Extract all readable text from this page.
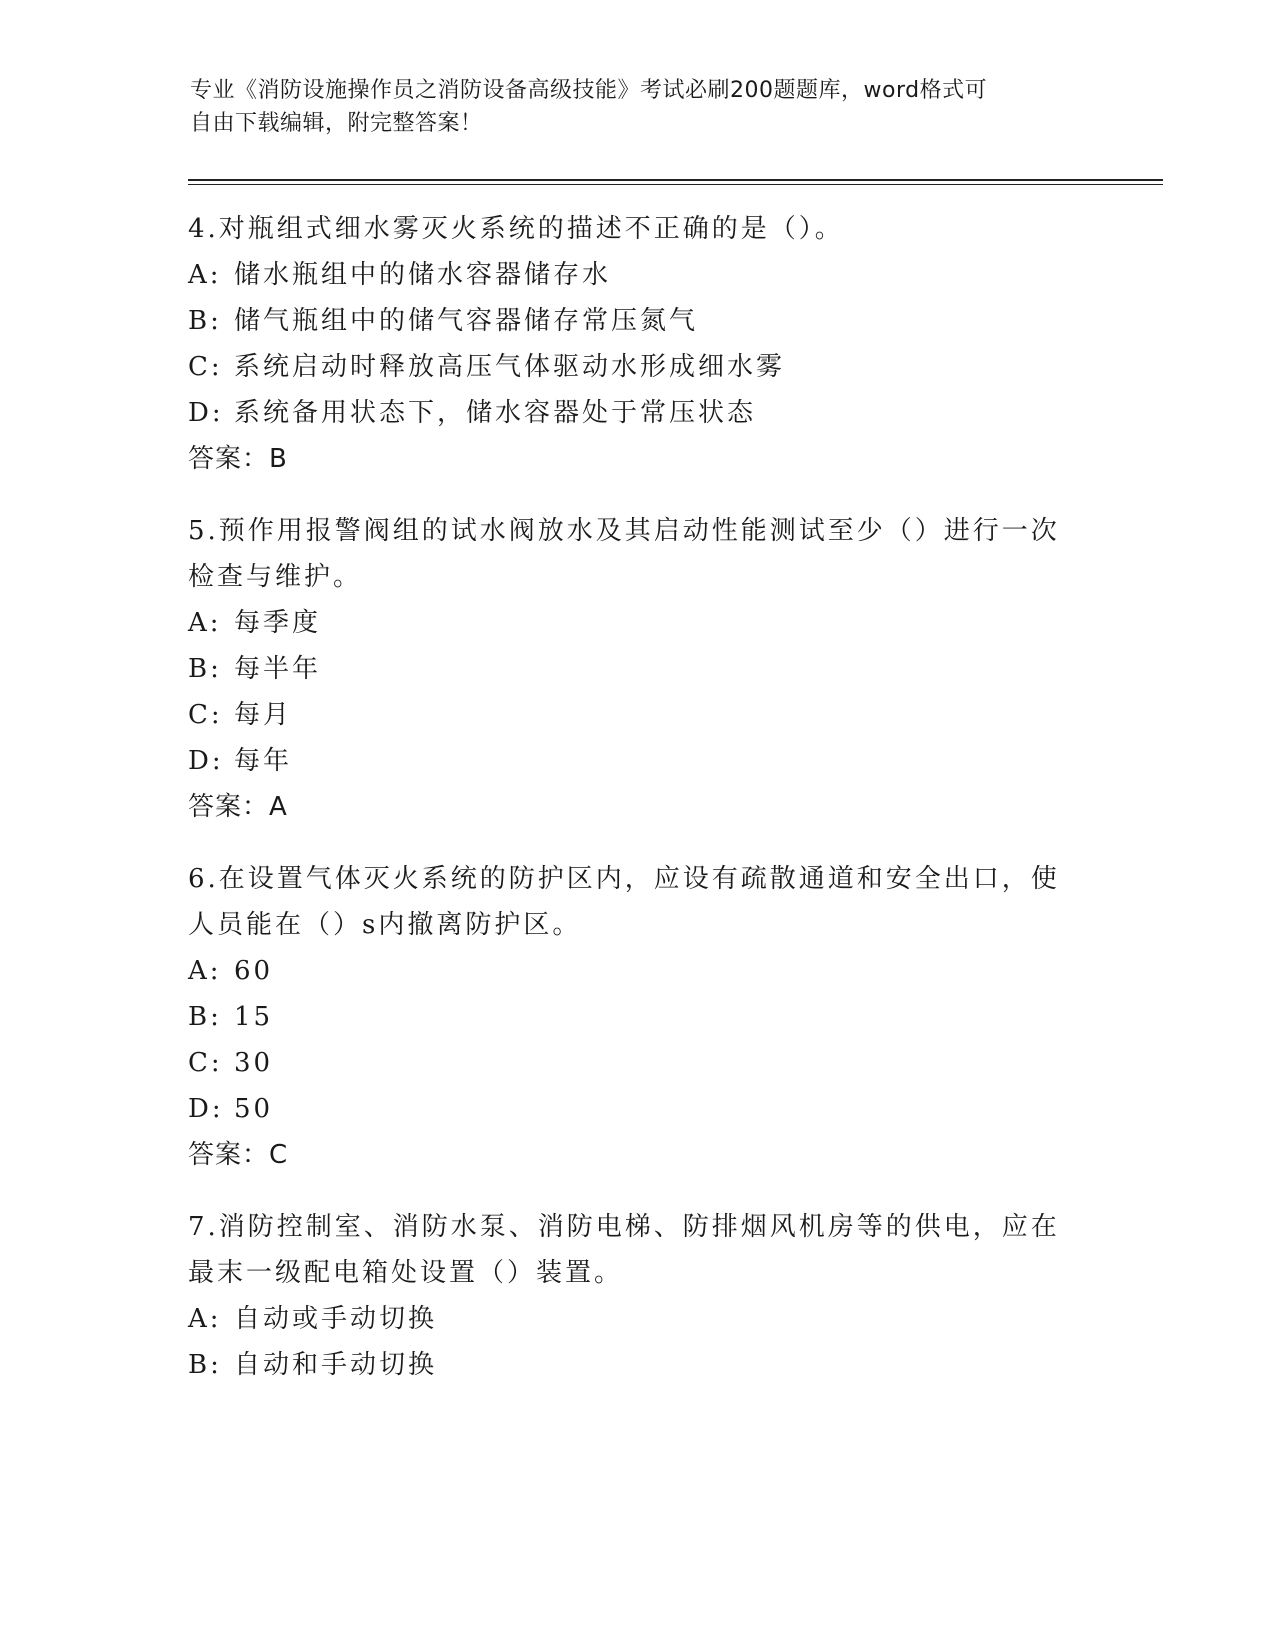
专业《消防设施操作员之消防设备高级技能》考试必刷200题题库，word格式可
自由下载编辑，附完整答案！
4.对瓶组式细水雾灭火系统的描述不正确的是（）。
A: 储水瓶组中的储水容器储存水
B: 储气瓶组中的储气容器储存常压氮气
C: 系统启动时释放高压气体驱动水形成细水雾
D: 系统备用状态下，储水容器处于常压状态
答案：B
5.预作用报警阀组的试水阀放水及其启动性能测试至少（）进行一次
检查与维护。
A: 每季度
B: 每半年
C: 每月
D: 每年
答案：A
6.在设置气体灭火系统的防护区内，应设有疏散通道和安全出口，使
人员能在（）s内撤离防护区。
A: 60
B: 15
C: 30
D: 50
答案：C
7.消防控制室、消防水泵、消防电梯、防排烟风机房等的供电，应在
最末一级配电箱处设置（）装置。
A: 自动或手动切换
B: 自动和手动切换
